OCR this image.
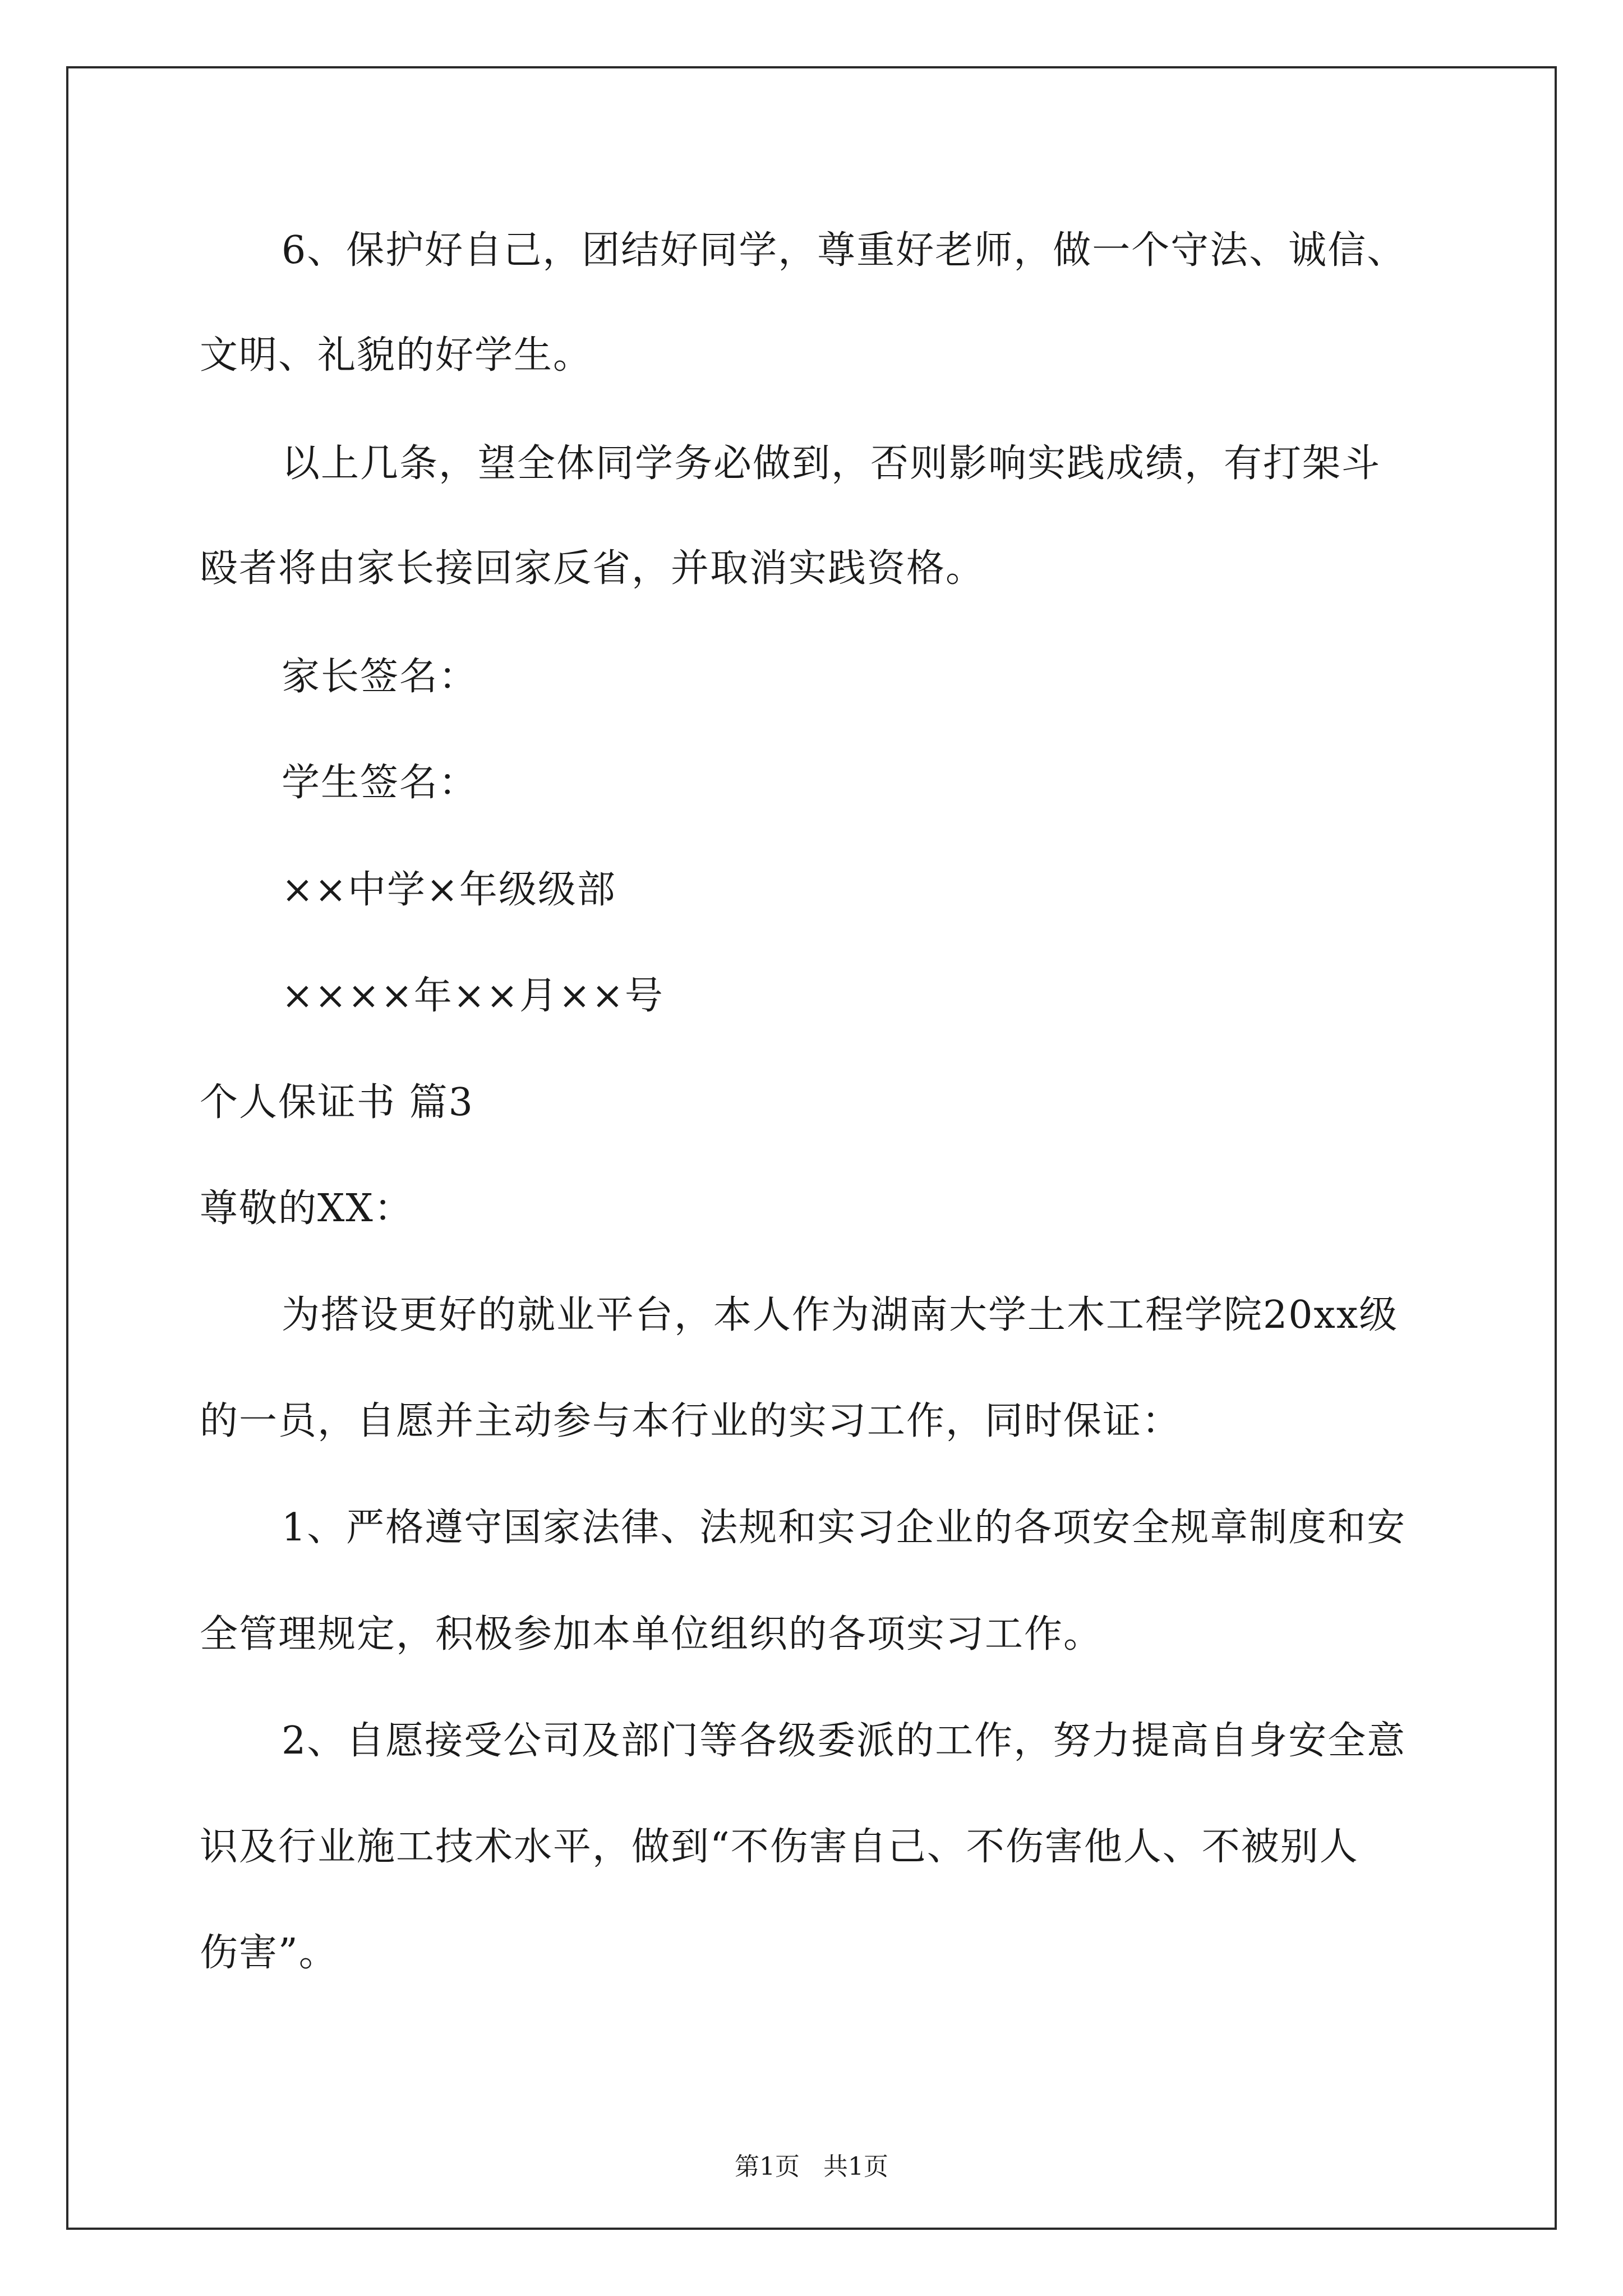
6、保护好自己，团结好同学，尊重好老师，做一个守法、诚信、
文明、礼貌的好学生。
以上几条，望全体同学务必做到，否则影响实践成绩，有打架斗
殴者将由家长接回家反省，并取消实践资格。
家长签名：
学生签名：
××中学×年级级部
××××年××月××号
个人保证书 篇3
尊敬的XX：
为搭设更好的就业平台，本人作为湖南大学土木工程学院20xx级
的一员，自愿并主动参与本行业的实习工作，同时保证：
1、严格遵守国家法律、法规和实习企业的各项安全规章制度和安
全管理规定，积极参加本单位组织的各项实习工作。
2、自愿接受公司及部门等各级委派的工作，努力提高自身安全意
识及行业施工技术水平，做到“不伤害自己、不伤害他人、不被别人
伤害”。
第1页   共1页
